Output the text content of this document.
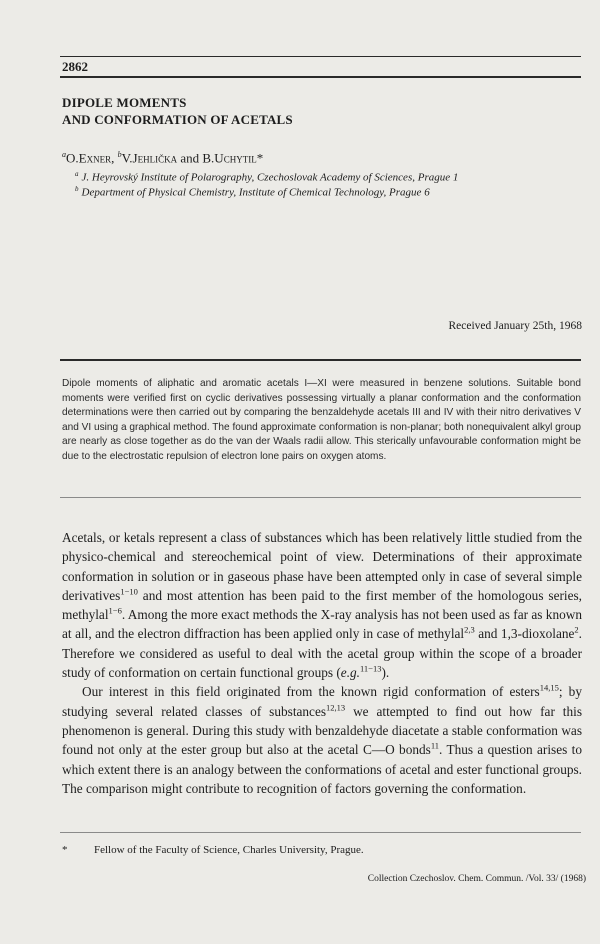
2862
DIPOLE MOMENTS
AND CONFORMATION OF ACETALS
$^a$O.Exner, $^b$V.Jehlička and B.Uchytil*
$^a$ J. Heyrovský Institute of Polarography, Czechoslovak Academy of Sciences, Prague 1
$^b$ Department of Physical Chemistry, Institute of Chemical Technology, Prague 6
Received January 25th, 1968

Dipole moments of aliphatic and aromatic acetals I—XI were measured in benzene solutions. Suitable bond moments were verified first on cyclic derivatives possessing virtually a planar conformation and the conformation determinations were then carried out by comparing the benzaldehyde acetals III and IV with their nitro derivatives V and VI using a graphical method. The found approximate conformation is non-planar; both nonequivalent alkyl group are nearly as close together as do the van der Waals radii allow. This sterically unfavourable conformation might be due to the electrostatic repulsion of electron lone pairs on oxygen atoms.

Acetals, or ketals represent a class of substances which has been relatively little studied from the physico-chemical and stereochemical point of view. Determinations of their approximate conformation in solution or in gaseous phase have been attempted only in case of several simple derivatives$^{1-10}$ and most attention has been paid to the first member of the homologous series, methylal$^{1-6}$. Among the more exact methods the X-ray analysis has not been used as far as known at all, and the electron diffraction has been applied only in case of methylal$^{2,3}$ and 1,3-dioxolane$^2$. Therefore we considered as useful to deal with the acetal group within the scope of a broader study of conformation on certain functional groups (e.g.$^{11-13}$).

Our interest in this field originated from the known rigid conformation of esters$^{14,15}$; by studying several related classes of substances$^{12,13}$ we attempted to find out how far this phenomenon is general. During this study with benzaldehyde diacetate a stable conformation was found not only at the ester group but also at the acetal C—O bonds$^{11}$. Thus a question arises to which extent there is an analogy between the conformations of acetal and ester functional groups. The comparison might contribute to recognition of factors governing the conformation.

* Fellow of the Faculty of Science, Charles University, Prague.
Collection Czechoslov. Chem. Commun. /Vol. 33/ (1968)
